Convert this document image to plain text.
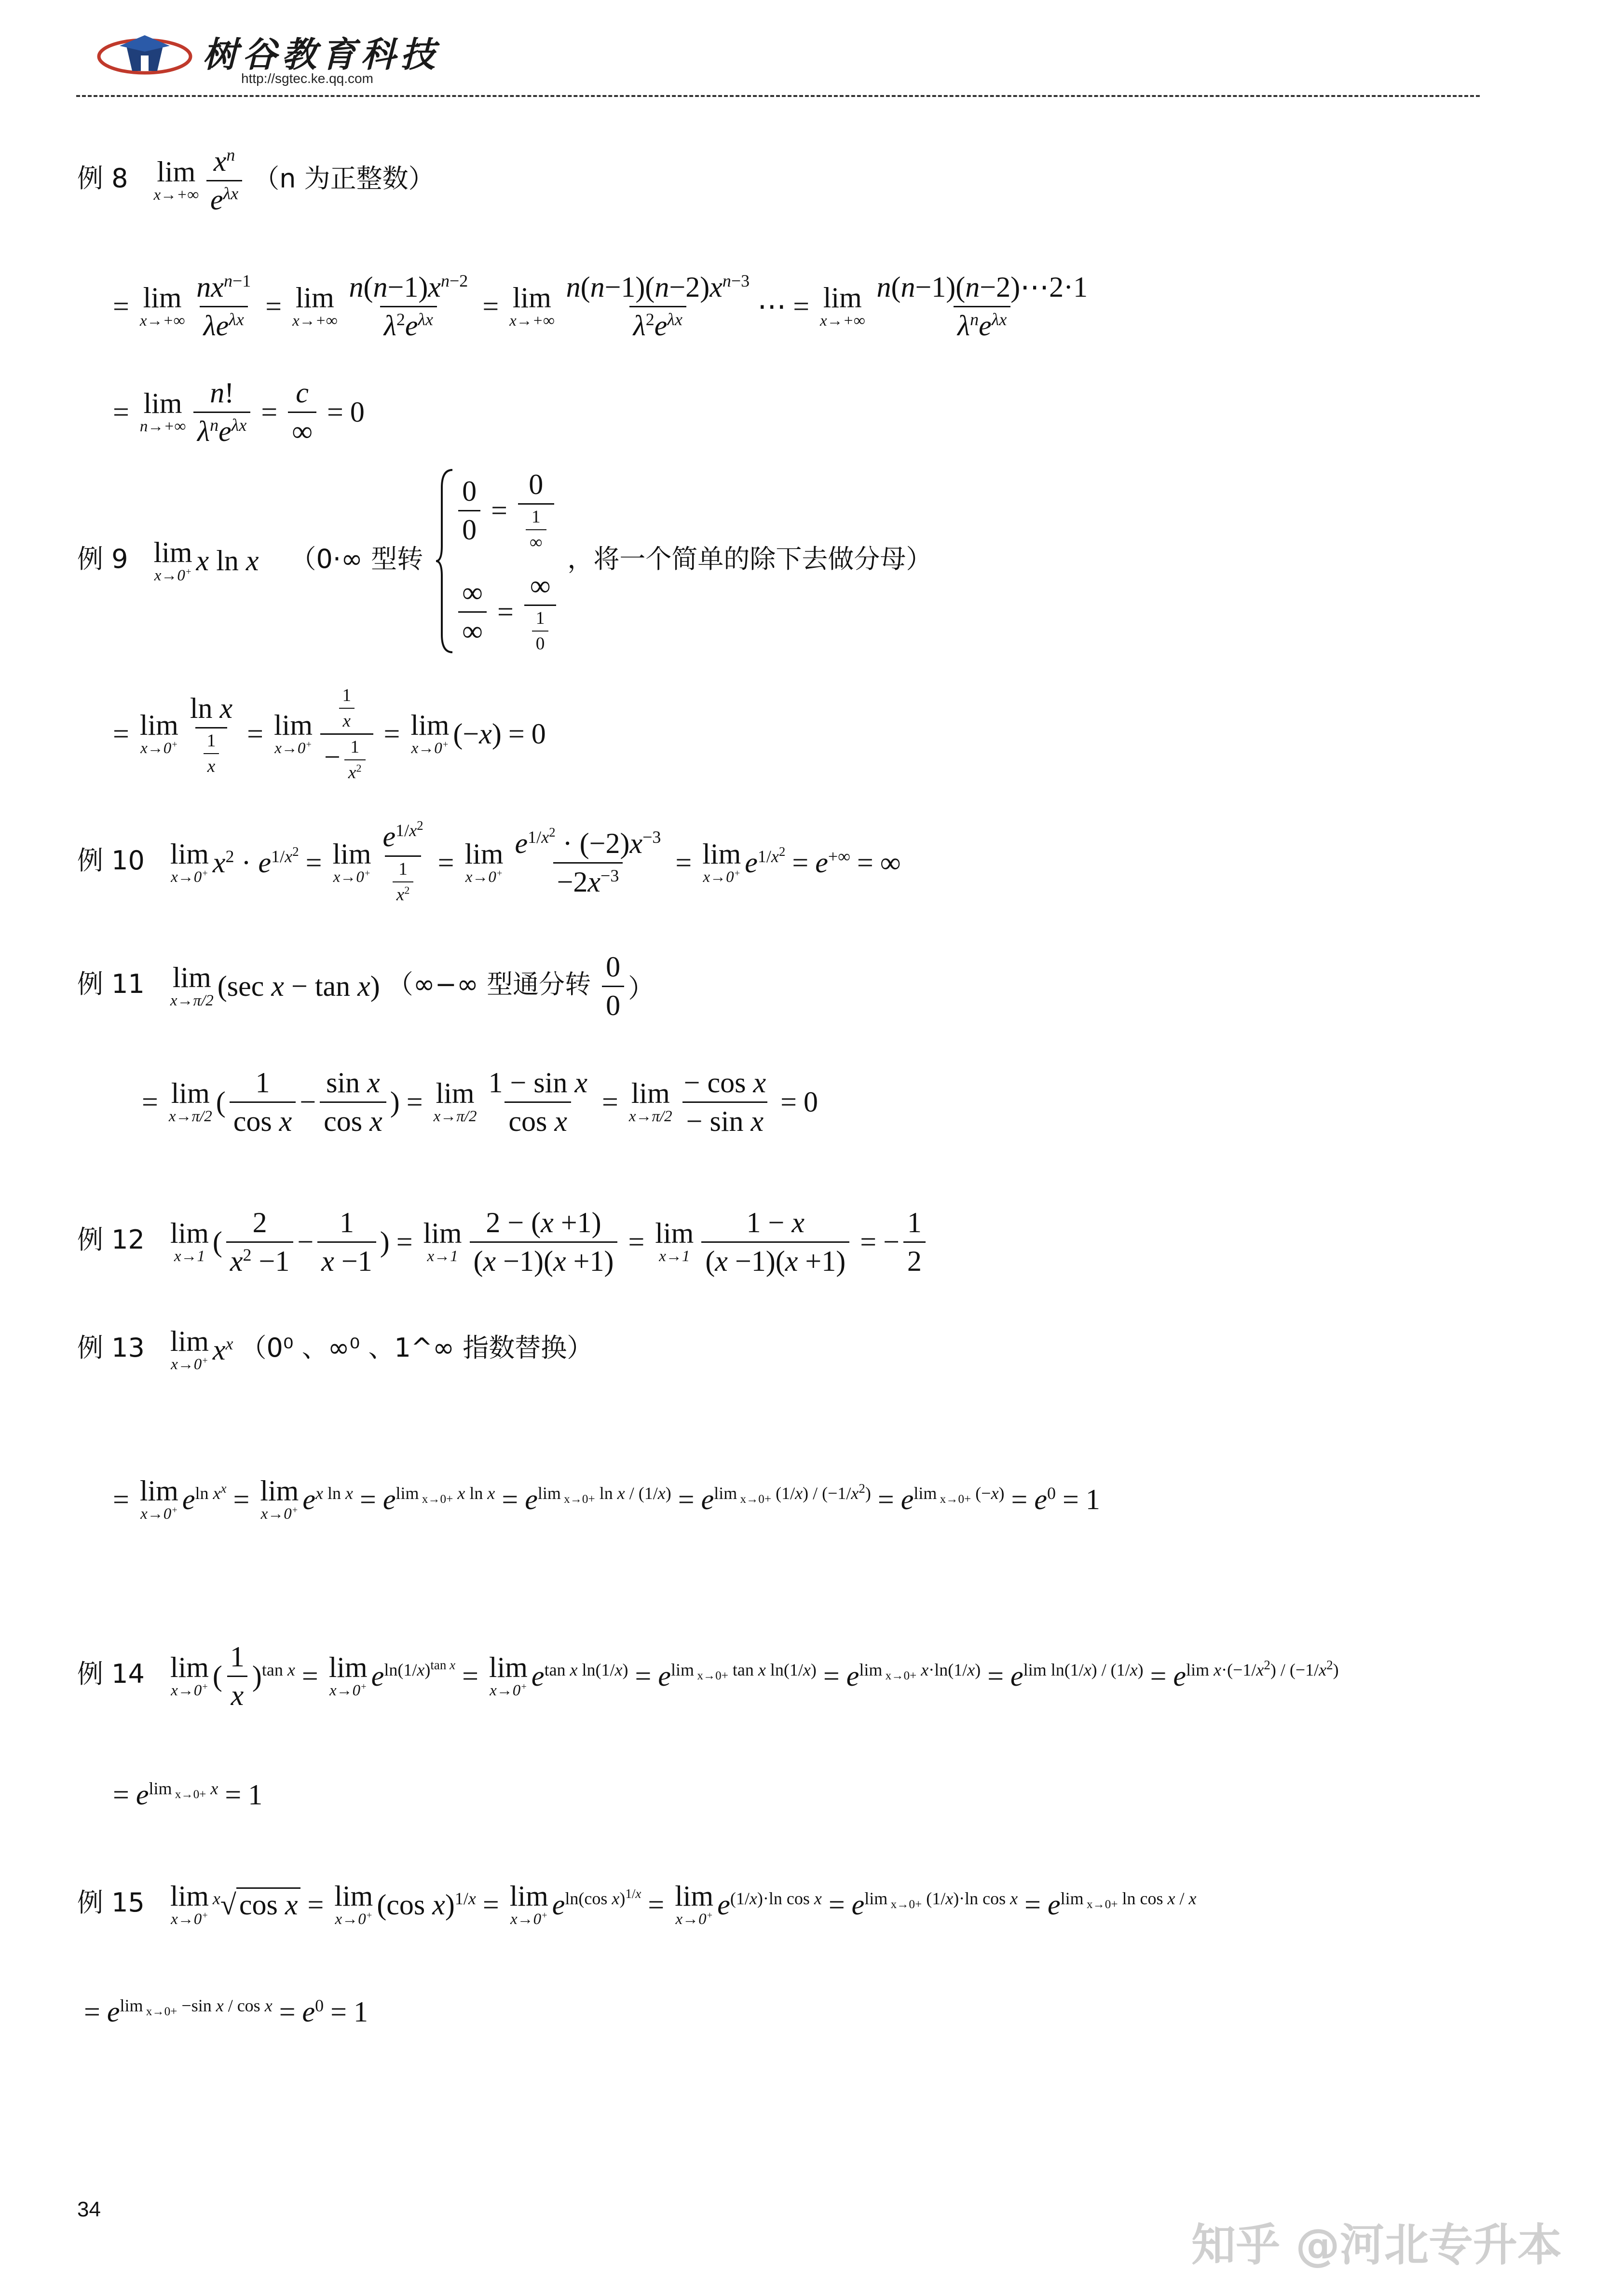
树谷教育科技
http://sgtec.ke.qq.com
例 8 lim
$x\to+\infty \frac{x^n}{e^{\lambda x}} (n$ 为正整数）
= lim
$x\to+\infty \frac{nx^{n-1}}{\lambda e^{\lambda x}} = \lim$
$x\to+\infty \frac{n(n-1)x^{n-2}}{\lambda^2e^{\lambda x}} = \lim$
$x\to+\infty \frac{n(n-1)(n-2)x^{n-3}}{\lambda^2e^{\lambda x}}$ ⋯ = lim
$x\to+\infty \frac{n(n-1)(n-2)\cdots 2\cdot 1}{\lambda^ne^{\lambda x}}$
= lim
$n\to+\infty \frac{n!}{\lambda^ne^{\lambda x}} = \frac{c}{\infty} = 0$
例 9 lim
x→0+ x ln x （0·∞ 型转
$\frac{0}{0} = \frac{0}{\frac{1}{\infty}}$
$\frac{\infty}{\infty} = \frac{\infty}{\frac{1}{0}}$
，将一个简单的除下去做分母）
= lim
$x\to 0^+ \frac{\text{ln x}}{\frac{1}{x}} = \lim$
$x\to 0^+ \frac{\frac{1}{x}}{- \frac{1}{x^2}} = \lim$
x→0+ (−x) = 0
例 10 lim
x→0+ $x^2 \cdot e^{1/x^2} = \lim$
$x\to 0^+ \frac{e^{1/x^2}}{\frac{1}{x^2}} = \lim$
$x\to 0^+ \frac{e^{1/x^2} \cdot (-2)x^{-3}}{-2x^{-3}} = \lim$
x→0+ $e^{1/x^2} = e^{+\infty}$ = ∞
例 11 lim
x→π/2 (sec x − tan x) （∞−∞ 型通分转 $\frac{0}{0}$ ）
= lim
x→π/2 ( $\frac{1}{\text{cos x}} - \frac{\text{sin x}}{\text{cos x}}$ ) = lim
$x\to\pi/2 \frac{\text{1 − sin x}}{\text{cos x}} = \lim$
$x\to\pi/2 \frac{\text{− cos x}}{\text{− sin x}} = 0$
例 12 lim
x→1 ( $\frac{2}{x^2 -1} - \frac{1}{x -1}$ ) = lim
$x\to 1 \frac{2 - (x +1)}{(x -1)(x +1)} = \lim$
$x\to 1 \frac{1 - x}{(x -1)(x +1)}$ = − $\frac{1}{2}$
例 13 lim
x→0+ $x^x$ （0⁰ 、∞⁰ 、1^∞ 指数替换）
= lim
x→0+ $e^{ln x^x} = \lim$
x→0+ $e^{x ln x} = e^{lim _{x\to 0+} x ln x} = e^{lim _{x\to 0+} ln x / (1/x)} = e^{lim _{x\to 0+} (1/x) / (-1/x^2)} = e^{lim _{x\to 0+} (-x)} = e^0 = 1$
例 14 lim
x→0+ ( $\frac{1}{x} )^{tan x} = \lim$
x→0+ $e^{ln(1/x)^{tan x}} = \lim$
x→0+ $e^{tan x ln(1/x)} = e^{lim _{x\to 0+} tan x ln(1/x)} = e^{lim _{x\to 0+} x\cdot ln(1/x)} = e^{lim ln(1/x) / (1/x)} = e^{lim x\cdot(-1/x^2) / (-1/x^2)}$
= $e^{lim _{x\to 0+} x} = 1$
例 15 lim
x→0+
$^x$√ cos x = lim
x→0+ (cos x)$^{1/x}$ = lim
x→0+ $e^{ln(cos x)^{1/x}} = \lim$
x→0+ $e^{(1/x)\cdot ln cos x} = e^{lim _{x\to 0+} (1/x)\cdot ln cos x} = e^{lim _{x\to 0+} ln cos x / x}$
= $e^{lim _{x\to 0+} -sin x / cos x} = e^0 = 1$
34
知乎 @河北专升本
